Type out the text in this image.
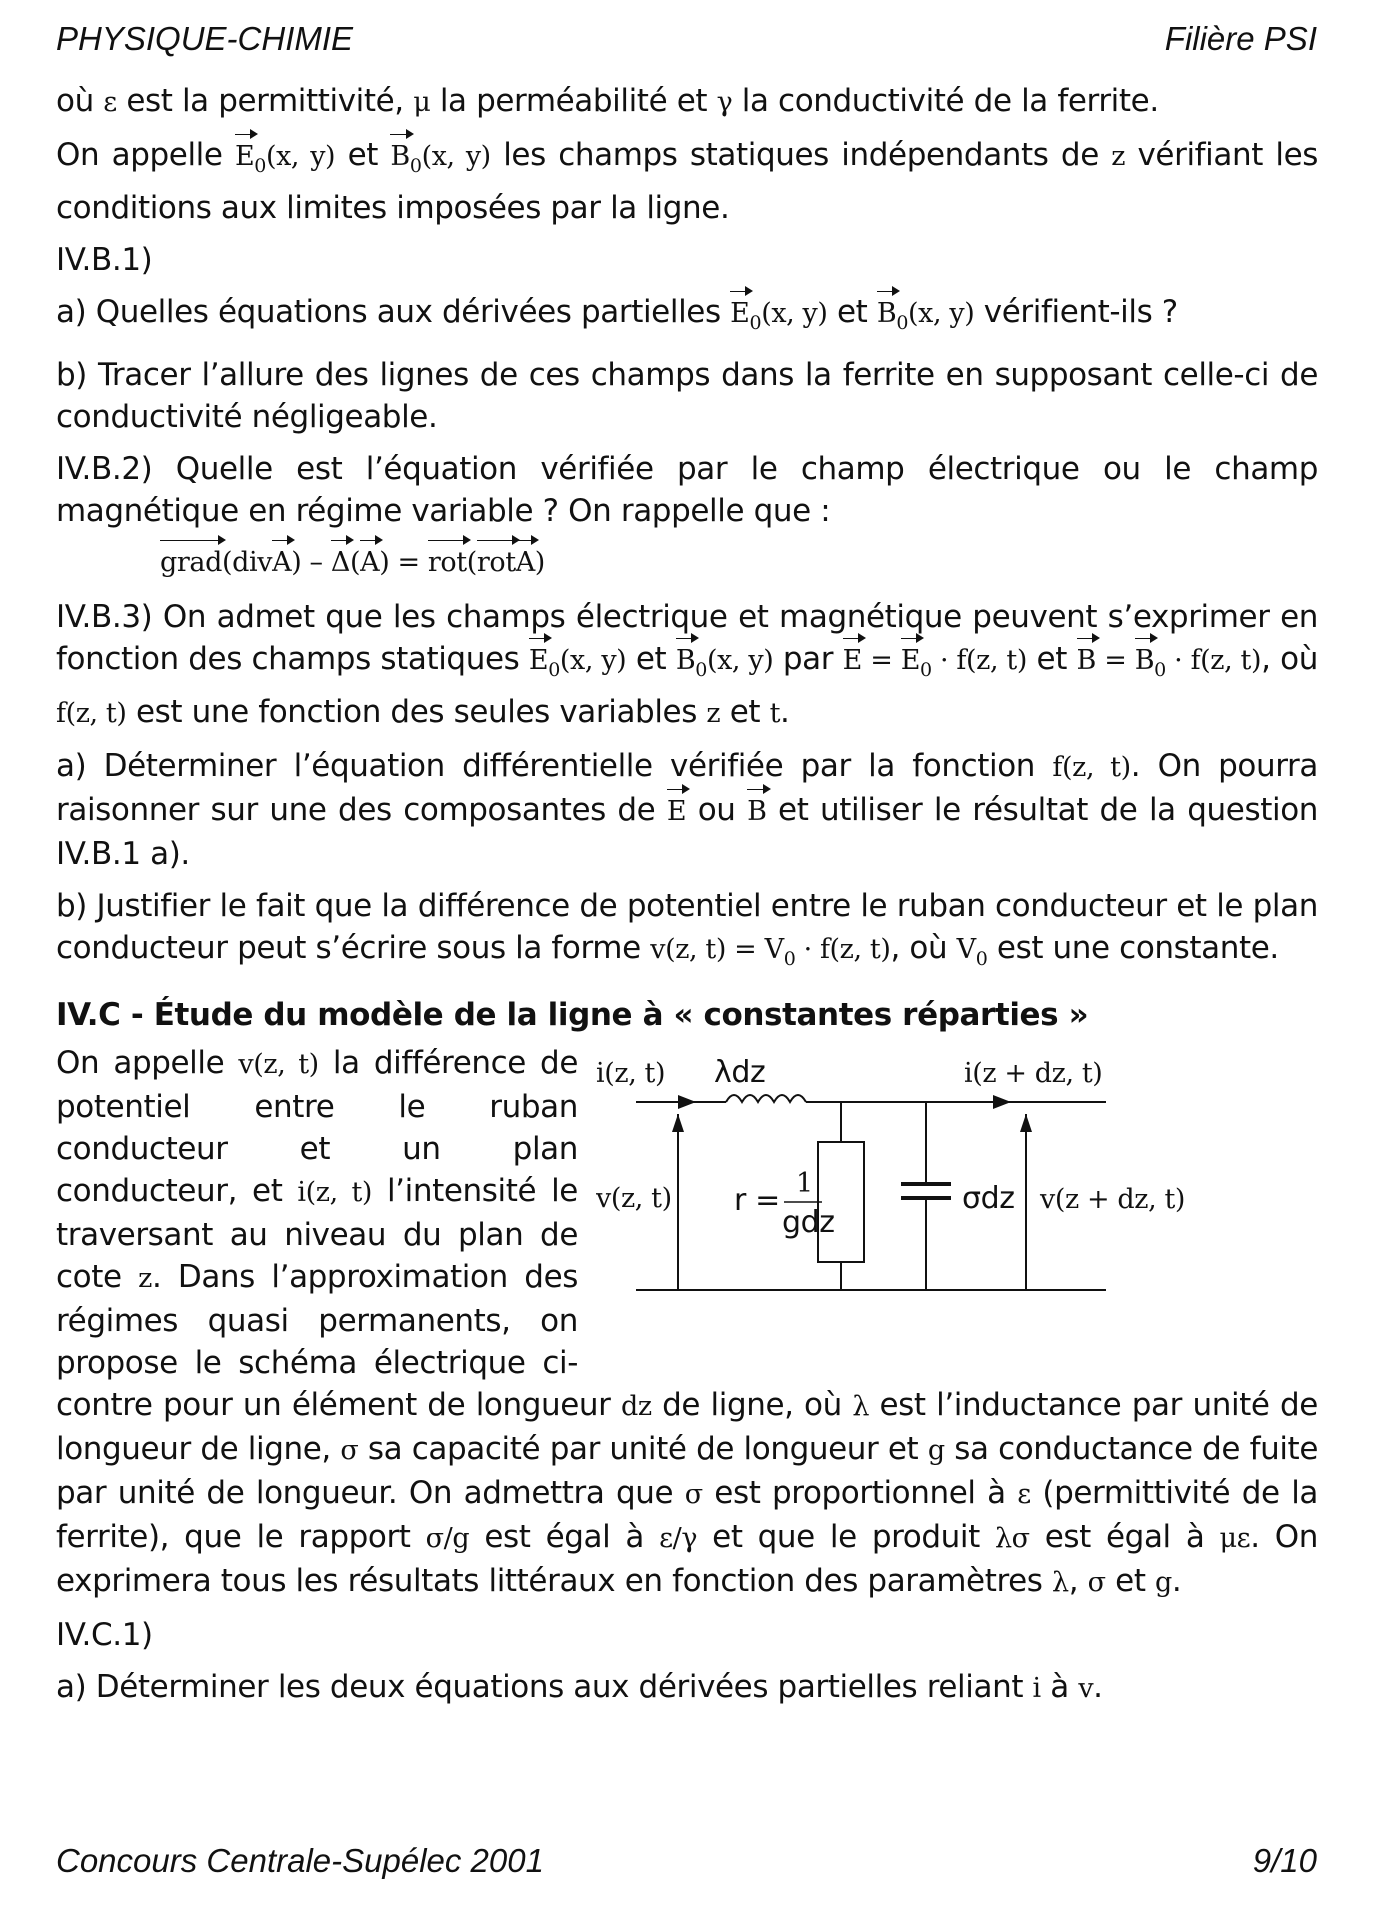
PHYSIQUE-CHIMIE	Filière PSI

où ε est la permittivité, μ la perméabilité et γ la conductivité de la ferrite.

On appelle $E_0(x$, y) et $B_0(x$, y) les champs statiques indépendants de z vérifiant les conditions aux limites imposées par la ligne.

IV.B.1)

a) Quelles équations aux dérivées partielles $E_0(x$, y) et $B_0(x$, y) vérifient-ils ?

b) Tracer l’allure des lignes de ces champs dans la ferrite en supposant celle-ci de conductivité négligeable.

IV.B.2) Quelle est l’équation vérifiée par le champ électrique ou le champ magnétique en régime variable ? On rappelle que :

grad(divA) – Δ(A) = rot(rotA)

IV.B.3) On admet que les champs électrique et magnétique peuvent s’exprimer en fonction des champs statiques $E_0(x$, y) et $B_0(x$, y) par $E = E_0 \cdot f(z$, t) et $B = B_0 \cdot f(z$, t), où f(z, t) est une fonction des seules variables z et t.

a) Déterminer l’équation différentielle vérifiée par la fonction f(z, t). On pourra raisonner sur une des composantes de E ou B et utiliser le résultat de la question IV.B.1 a).

b) Justifier le fait que la différence de potentiel entre le ruban conducteur et le plan conducteur peut s’écrire sous la forme v(z, $t) = V_0 \cdot f(z$, t), où $V_0$ est une constante.

IV.C - Étude du modèle de la ligne à « constantes réparties »

i(z, t) λdz	i(z + dz, t)
v(z, t) r = 1
gdz
σdz v(z + dz, t)

On appelle v(z, t) la différence de potentiel entre le ruban conducteur et un plan conducteur, et i(z, t) l’intensité le traversant au niveau du plan de cote z. Dans l’approximation des régimes quasi permanents, on propose le schéma électrique ci-contre pour un élément de longueur dz de ligne, où λ est l’inductance par unité de longueur de ligne, σ sa capacité par unité de longueur et g sa conductance de fuite par unité de longueur. On admettra que σ est proportionnel à ε (permittivité de la ferrite), que le rapport σ/g est égal à ε/γ et que le produit λσ est égal à με. On exprimera tous les résultats littéraux en fonction des paramètres λ, σ et g.

IV.C.1)

a) Déterminer les deux équations aux dérivées partielles reliant i à v.

Concours Centrale-Supélec 2001	9/10
